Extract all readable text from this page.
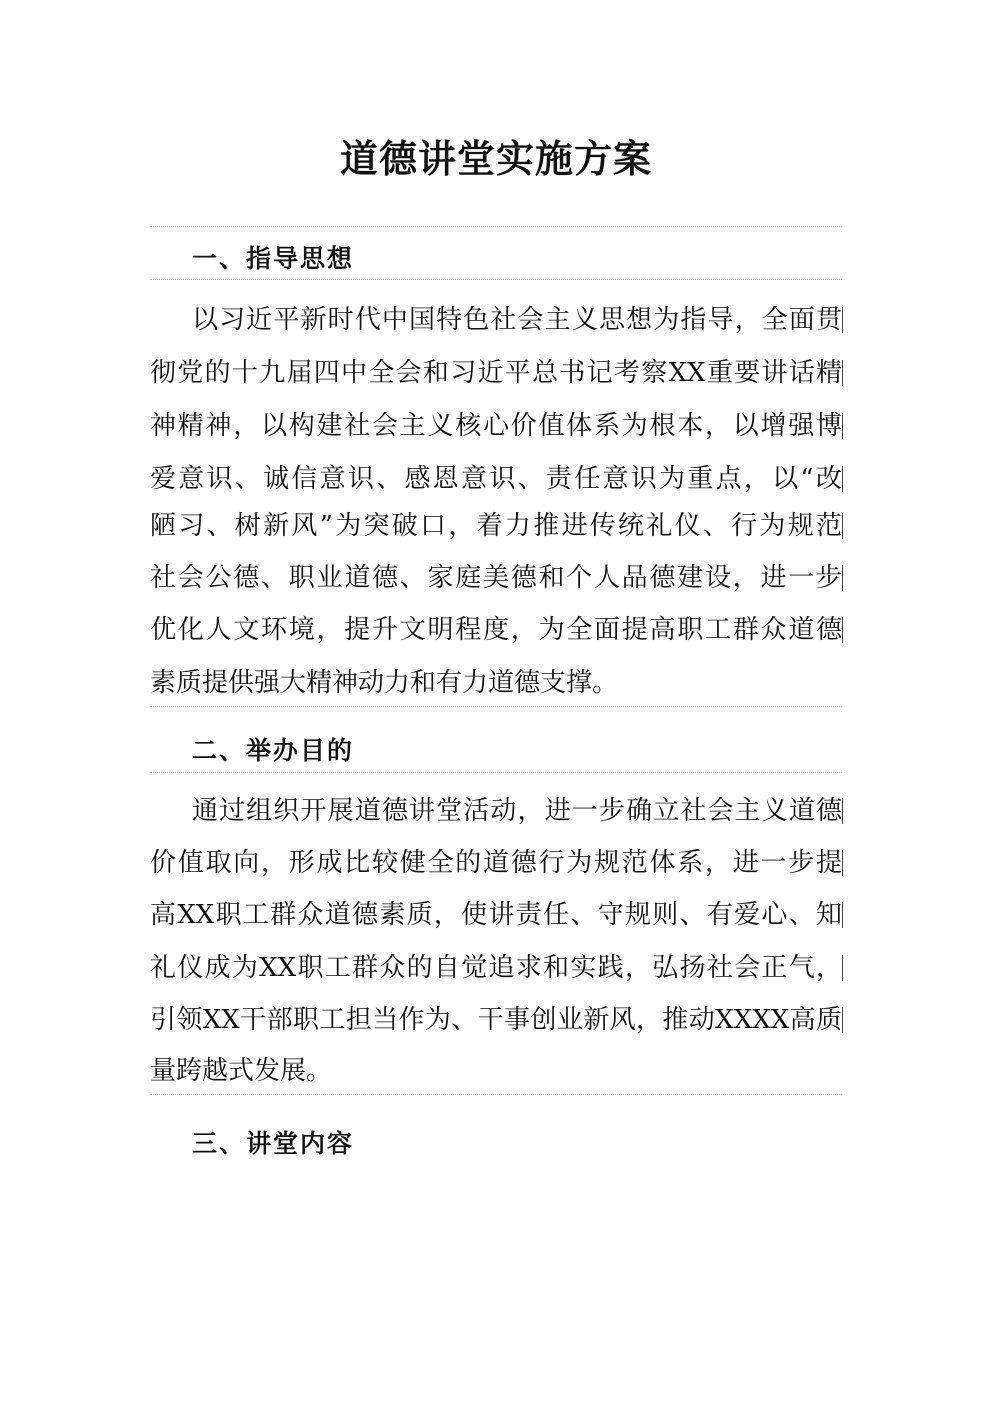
道德讲堂实施方案
一、指导思想
以习近平新时代中国特色社会主义思想为指导，全面贯
彻党的十九届四中全会和习近平总书记考察XX重要讲话精
神精神，以构建社会主义核心价值体系为根本，以增强博
爱意识、诚信意识、感恩意识、责任意识为重点，以“改
陋习、树新风”为突破口，着力推进传统礼仪、行为规范
社会公德、职业道德、家庭美德和个人品德建设，进一步
优化人文环境，提升文明程度，为全面提高职工群众道德
素质提供强大精神动力和有力道德支撑。
二、举办目的
通过组织开展道德讲堂活动，进一步确立社会主义道德
价值取向，形成比较健全的道德行为规范体系，进一步提
高XX职工群众道德素质，使讲责任、守规则、有爱心、知
礼仪成为XX职工群众的自觉追求和实践，弘扬社会正气，
引领XX干部职工担当作为、干事创业新风，推动XXXX高质
量跨越式发展。
三、讲堂内容
